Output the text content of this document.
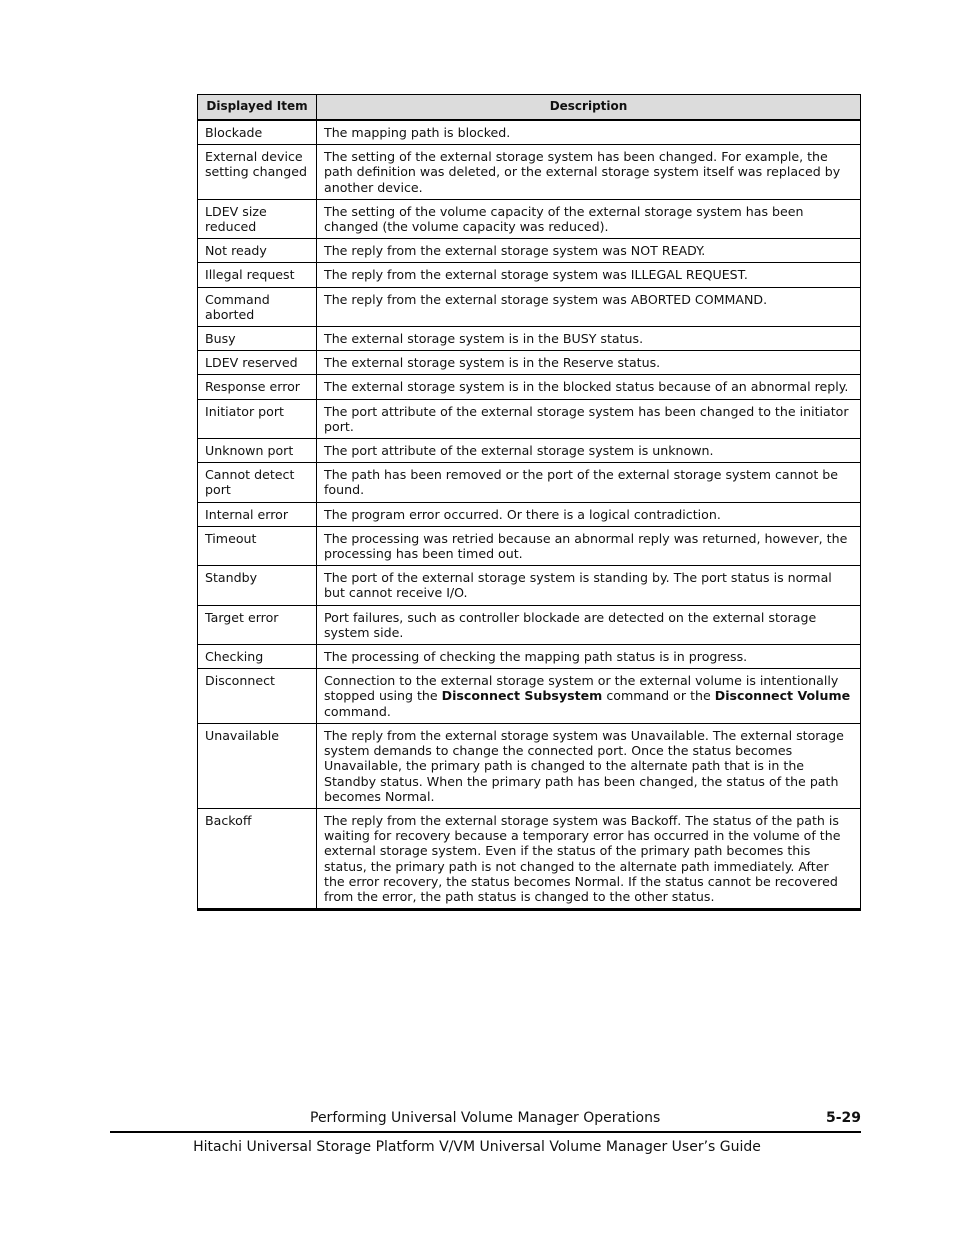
Displayed Item	Description
Blockade	The mapping path is blocked.
External device setting changed	The setting of the external storage system has been changed. For example, the path definition was deleted, or the external storage system itself was replaced by another device.
LDEV size reduced	The setting of the volume capacity of the external storage system has been changed (the volume capacity was reduced).
Not ready	The reply from the external storage system was NOT READY.
Illegal request	The reply from the external storage system was ILLEGAL REQUEST.
Command aborted	The reply from the external storage system was ABORTED COMMAND.
Busy	The external storage system is in the BUSY status.
LDEV reserved	The external storage system is in the Reserve status.
Response error	The external storage system is in the blocked status because of an abnormal reply.
Initiator port	The port attribute of the external storage system has been changed to the initiator port.
Unknown port	The port attribute of the external storage system is unknown.
Cannot detect port	The path has been removed or the port of the external storage system cannot be found.
Internal error	The program error occurred. Or there is a logical contradiction.
Timeout	The processing was retried because an abnormal reply was returned, however, the processing has been timed out.
Standby	The port of the external storage system is standing by. The port status is normal but cannot receive I/O.
Target error	Port failures, such as controller blockade are detected on the external storage system side.
Checking	The processing of checking the mapping path status is in progress.
Disconnect	Connection to the external storage system or the external volume is intentionally stopped using the Disconnect Subsystem command or the Disconnect Volume command.
Unavailable	The reply from the external storage system was Unavailable. The external storage system demands to change the connected port. Once the status becomes Unavailable, the primary path is changed to the alternate path that is in the Standby status. When the primary path has been changed, the status of the path becomes Normal.
Backoff	The reply from the external storage system was Backoff. The status of the path is waiting for recovery because a temporary error has occurred in the volume of the external storage system. Even if the status of the primary path becomes this status, the primary path is not changed to the alternate path immediately. After the error recovery, the status becomes Normal. If the status cannot be recovered from the error, the path status is changed to the other status.
Performing Universal Volume Manager Operations	5-29
Hitachi Universal Storage Platform V/VM Universal Volume Manager User’s Guide
